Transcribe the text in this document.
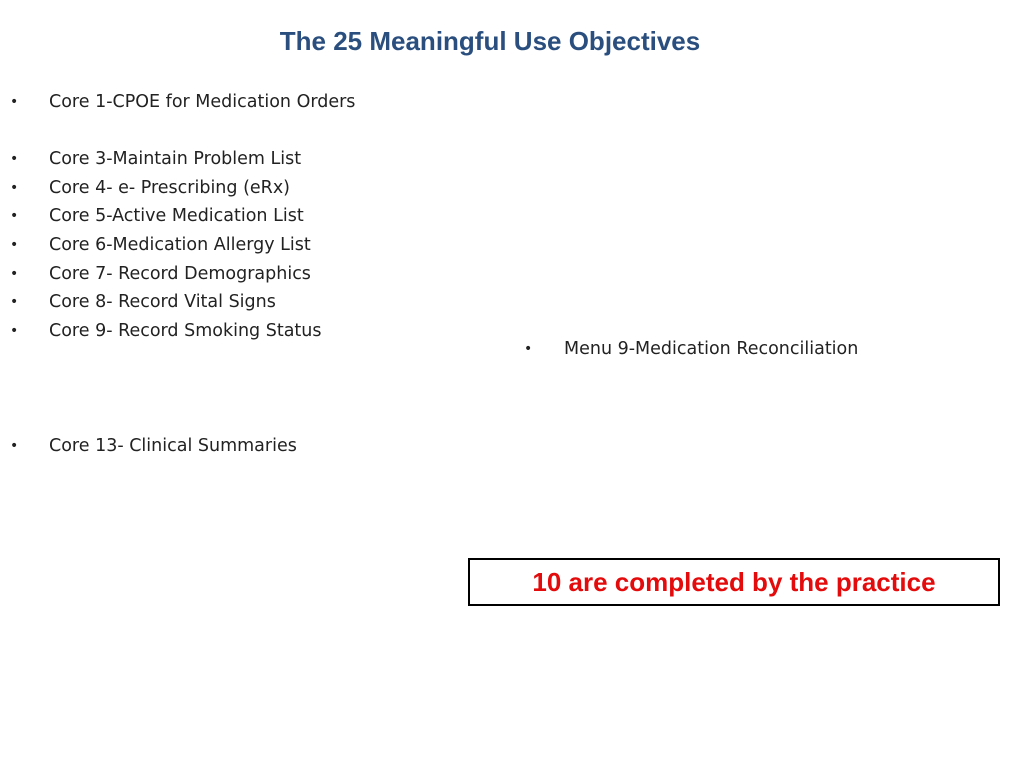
The 25 Meaningful Use Objectives
• Core 1-CPOE for Medication Orders
• Core 3-Maintain Problem List
• Core 4- e- Prescribing (eRx)
• Core 5-Active Medication List
• Core 6-Medication Allergy List
• Core 7- Record Demographics
• Core 8- Record Vital Signs
• Core 9- Record Smoking Status
• Menu 9-Medication Reconciliation
• Core 13- Clinical Summaries
10 are completed by the practice
